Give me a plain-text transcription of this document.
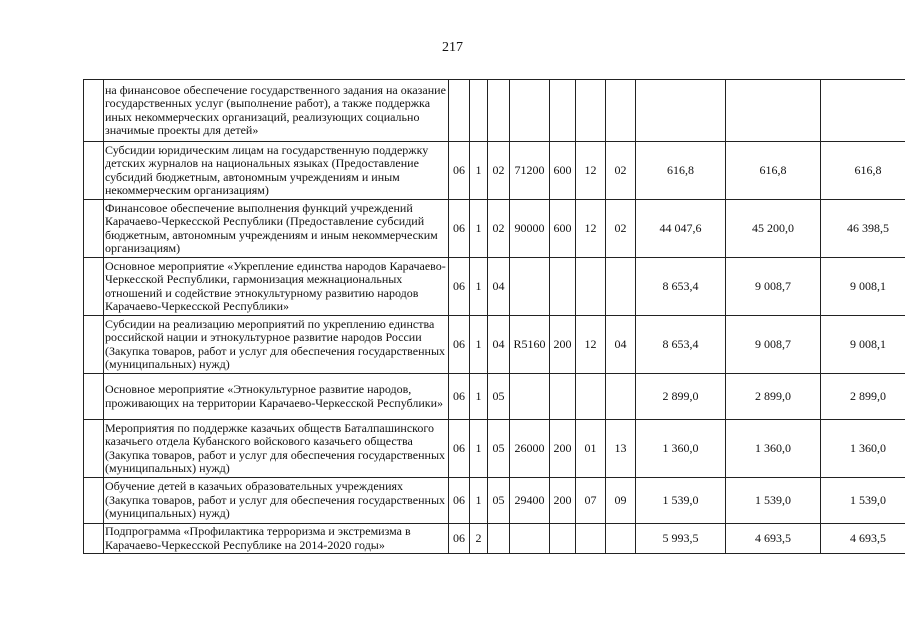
217
	на финансовое обеспечение государственного задания на оказание государственных услуг (выполнение работ), а также поддержка иных некоммерческих организаций, реализующих социально значимые проекты для детей»										
	Субсидии юридическим лицам на государственную поддержку детских журналов на национальных языках (Предоставление субсидий бюджетным, автономным учреждениям и иным некоммерческим организациям)	06	1	02	71200	600	12	02	616,8	616,8	616,8
	Финансовое обеспечение выполнения функций учреждений Карачаево-Черкесской Республики (Предоставление субсидий бюджетным, автономным учреждениям и иным некоммерческим организациям)	06	1	02	90000	600	12	02	44 047,6	45 200,0	46 398,5
	Основное мероприятие «Укрепление единства народов Карачаево-Черкесской Республики, гармонизация межнациональных отношений и содействие этнокультурному развитию народов Карачаево-Черкесской Республики»	06	1	04					8 653,4	9 008,7	9 008,1
	Субсидии на реализацию мероприятий по укреплению единства российской нации и этнокультурное развитие народов России (Закупка товаров, работ и услуг для обеспечения государственных (муниципальных) нужд)	06	1	04	R5160	200	12	04	8 653,4	9 008,7	9 008,1
	Основное мероприятие «Этнокультурное развитие народов, проживающих на территории Карачаево-Черкесской Республики»	06	1	05					2 899,0	2 899,0	2 899,0
	Мероприятия по поддержке казачьих обществ Баталпашинского казачьего отдела Кубанского войскового казачьего общества (Закупка товаров, работ и услуг для обеспечения государственных (муниципальных) нужд)	06	1	05	26000	200	01	13	1 360,0	1 360,0	1 360,0
	Обучение детей в казачьих образовательных учреждениях (Закупка товаров, работ и услуг для обеспечения государственных (муниципальных) нужд)	06	1	05	29400	200	07	09	1 539,0	1 539,0	1 539,0
	Подпрограмма «Профилактика терроризма и экстремизма в Карачаево-Черкесской Республике на 2014-2020 годы»	06	2						5 993,5	4 693,5	4 693,5
